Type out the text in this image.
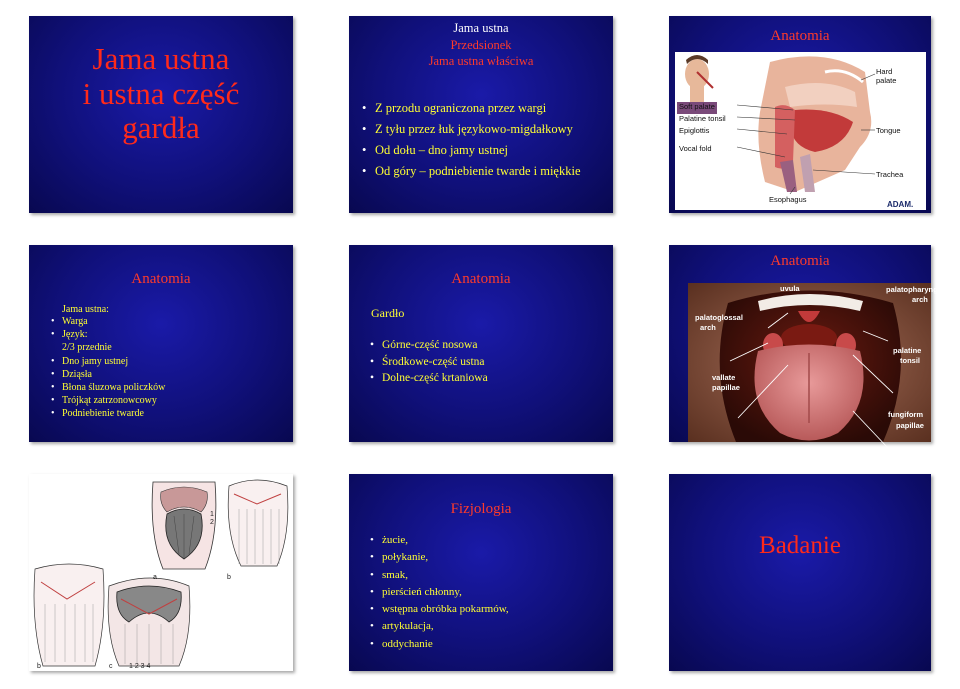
Jama ustna
i ustna część
gardła
Jama ustna
Przedsionek
Jama ustna właściwa
• Z przodu ograniczona przez wargi
• Z tyłu przez łuk językowo-migdałkowy
• Od dołu – dno jamy ustnej
• Od góry – podniebienie twarde i miękkie
Anatomia
Hard
palate
Soft palate
Palatine tonsil
Epiglottis	Tongue
Vocal fold
Trachea
Esophagus
ADAM.
Anatomia
Jama ustna:
• Warga
• Język:
2/3 przednie
• Dno jamy ustnej
• Dziąsła
• Błona śluzowa policzków
• Trójkąt zatrzonowcowy
• Podniebienie twarde
Anatomia
Gardło
• Górne-część nosowa
• Środkowe-część ustna
• Dolne-część krtaniowa
Anatomia
uvula	palatopharyngeal
arch
palatoglossal
arch
palatine
tonsil
vallate
papillae
fungiform
papillae
a	b
b	c
1
2
1 2 3 4
Fizjologia
• żucie,
• połykanie,
• smak,
• pierścień chłonny,
• wstępna obróbka pokarmów,
• artykulacja,
• oddychanie
Badanie
